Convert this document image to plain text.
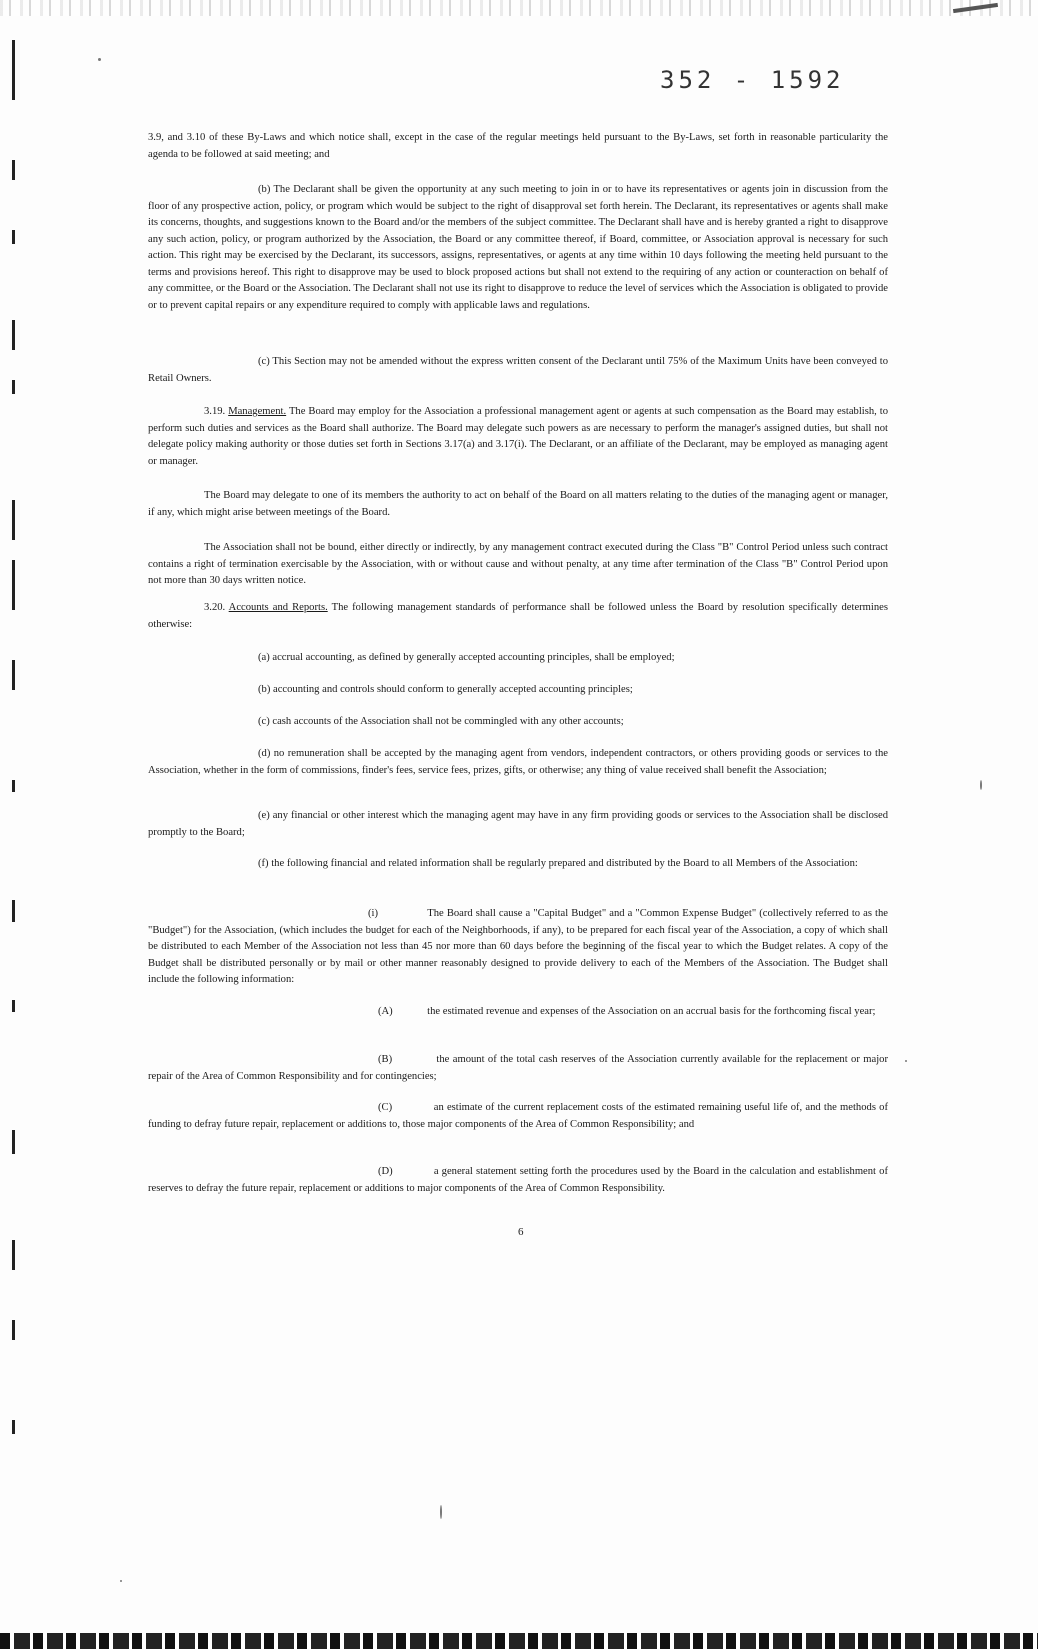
352 - 1592
3.9, and 3.10 of these By-Laws and which notice shall, except in the case of the regular meetings held pursuant to the By-Laws, set forth in reasonable particularity the agenda to be followed at said meeting; and
(b) The Declarant shall be given the opportunity at any such meeting to join in or to have its representatives or agents join in discussion from the floor of any prospective action, policy, or program which would be subject to the right of disapproval set forth herein. The Declarant, its representatives or agents shall make its concerns, thoughts, and suggestions known to the Board and/or the members of the subject committee. The Declarant shall have and is hereby granted a right to disapprove any such action, policy, or program authorized by the Association, the Board or any committee thereof, if Board, committee, or Association approval is necessary for such action. This right may be exercised by the Declarant, its successors, assigns, representatives, or agents at any time within 10 days following the meeting held pursuant to the terms and provisions hereof. This right to disapprove may be used to block proposed actions but shall not extend to the requiring of any action or counteraction on behalf of any committee, or the Board or the Association. The Declarant shall not use its right to disapprove to reduce the level of services which the Association is obligated to provide or to prevent capital repairs or any expenditure required to comply with applicable laws and regulations.
(c) This Section may not be amended without the express written consent of the Declarant until 75% of the Maximum Units have been conveyed to Retail Owners.
3.19. Management. The Board may employ for the Association a professional management agent or agents at such compensation as the Board may establish, to perform such duties and services as the Board shall authorize. The Board may delegate such powers as are necessary to perform the manager's assigned duties, but shall not delegate policy making authority or those duties set forth in Sections 3.17(a) and 3.17(i). The Declarant, or an affiliate of the Declarant, may be employed as managing agent or manager.
The Board may delegate to one of its members the authority to act on behalf of the Board on all matters relating to the duties of the managing agent or manager, if any, which might arise between meetings of the Board.
The Association shall not be bound, either directly or indirectly, by any management contract executed during the Class "B" Control Period unless such contract contains a right of termination exercisable by the Association, with or without cause and without penalty, at any time after termination of the Class "B" Control Period upon not more than 30 days written notice.
3.20. Accounts and Reports. The following management standards of performance shall be followed unless the Board by resolution specifically determines otherwise:
(a) accrual accounting, as defined by generally accepted accounting principles, shall be employed;
(b) accounting and controls should conform to generally accepted accounting principles;
(c) cash accounts of the Association shall not be commingled with any other accounts;
(d) no remuneration shall be accepted by the managing agent from vendors, independent contractors, or others providing goods or services to the Association, whether in the form of commissions, finder's fees, service fees, prizes, gifts, or otherwise; any thing of value received shall benefit the Association;
(e) any financial or other interest which the managing agent may have in any firm providing goods or services to the Association shall be disclosed promptly to the Board;
(f) the following financial and related information shall be regularly prepared and distributed by the Board to all Members of the Association:
(i)	The Board shall cause a "Capital Budget" and a "Common Expense Budget" (collectively referred to as the "Budget") for the Association, (which includes the budget for each of the Neighborhoods, if any), to be prepared for each fiscal year of the Association, a copy of which shall be distributed to each Member of the Association not less than 45 nor more than 60 days before the beginning of the fiscal year to which the Budget relates. A copy of the Budget shall be distributed personally or by mail or other manner reasonably designed to provide delivery to each of the Members of the Association. The Budget shall include the following information:
(A)	the estimated revenue and expenses of the Association on an accrual basis for the forthcoming fiscal year;
(B)	the amount of the total cash reserves of the Association currently available for the replacement or major repair of the Area of Common Responsibility and for contingencies;
(C)	an estimate of the current replacement costs of the estimated remaining useful life of, and the methods of funding to defray future repair, replacement or additions to, those major components of the Area of Common Responsibility; and
(D)	a general statement setting forth the procedures used by the Board in the calculation and establishment of reserves to defray the future repair, replacement or additions to major components of the Area of Common Responsibility.
6
